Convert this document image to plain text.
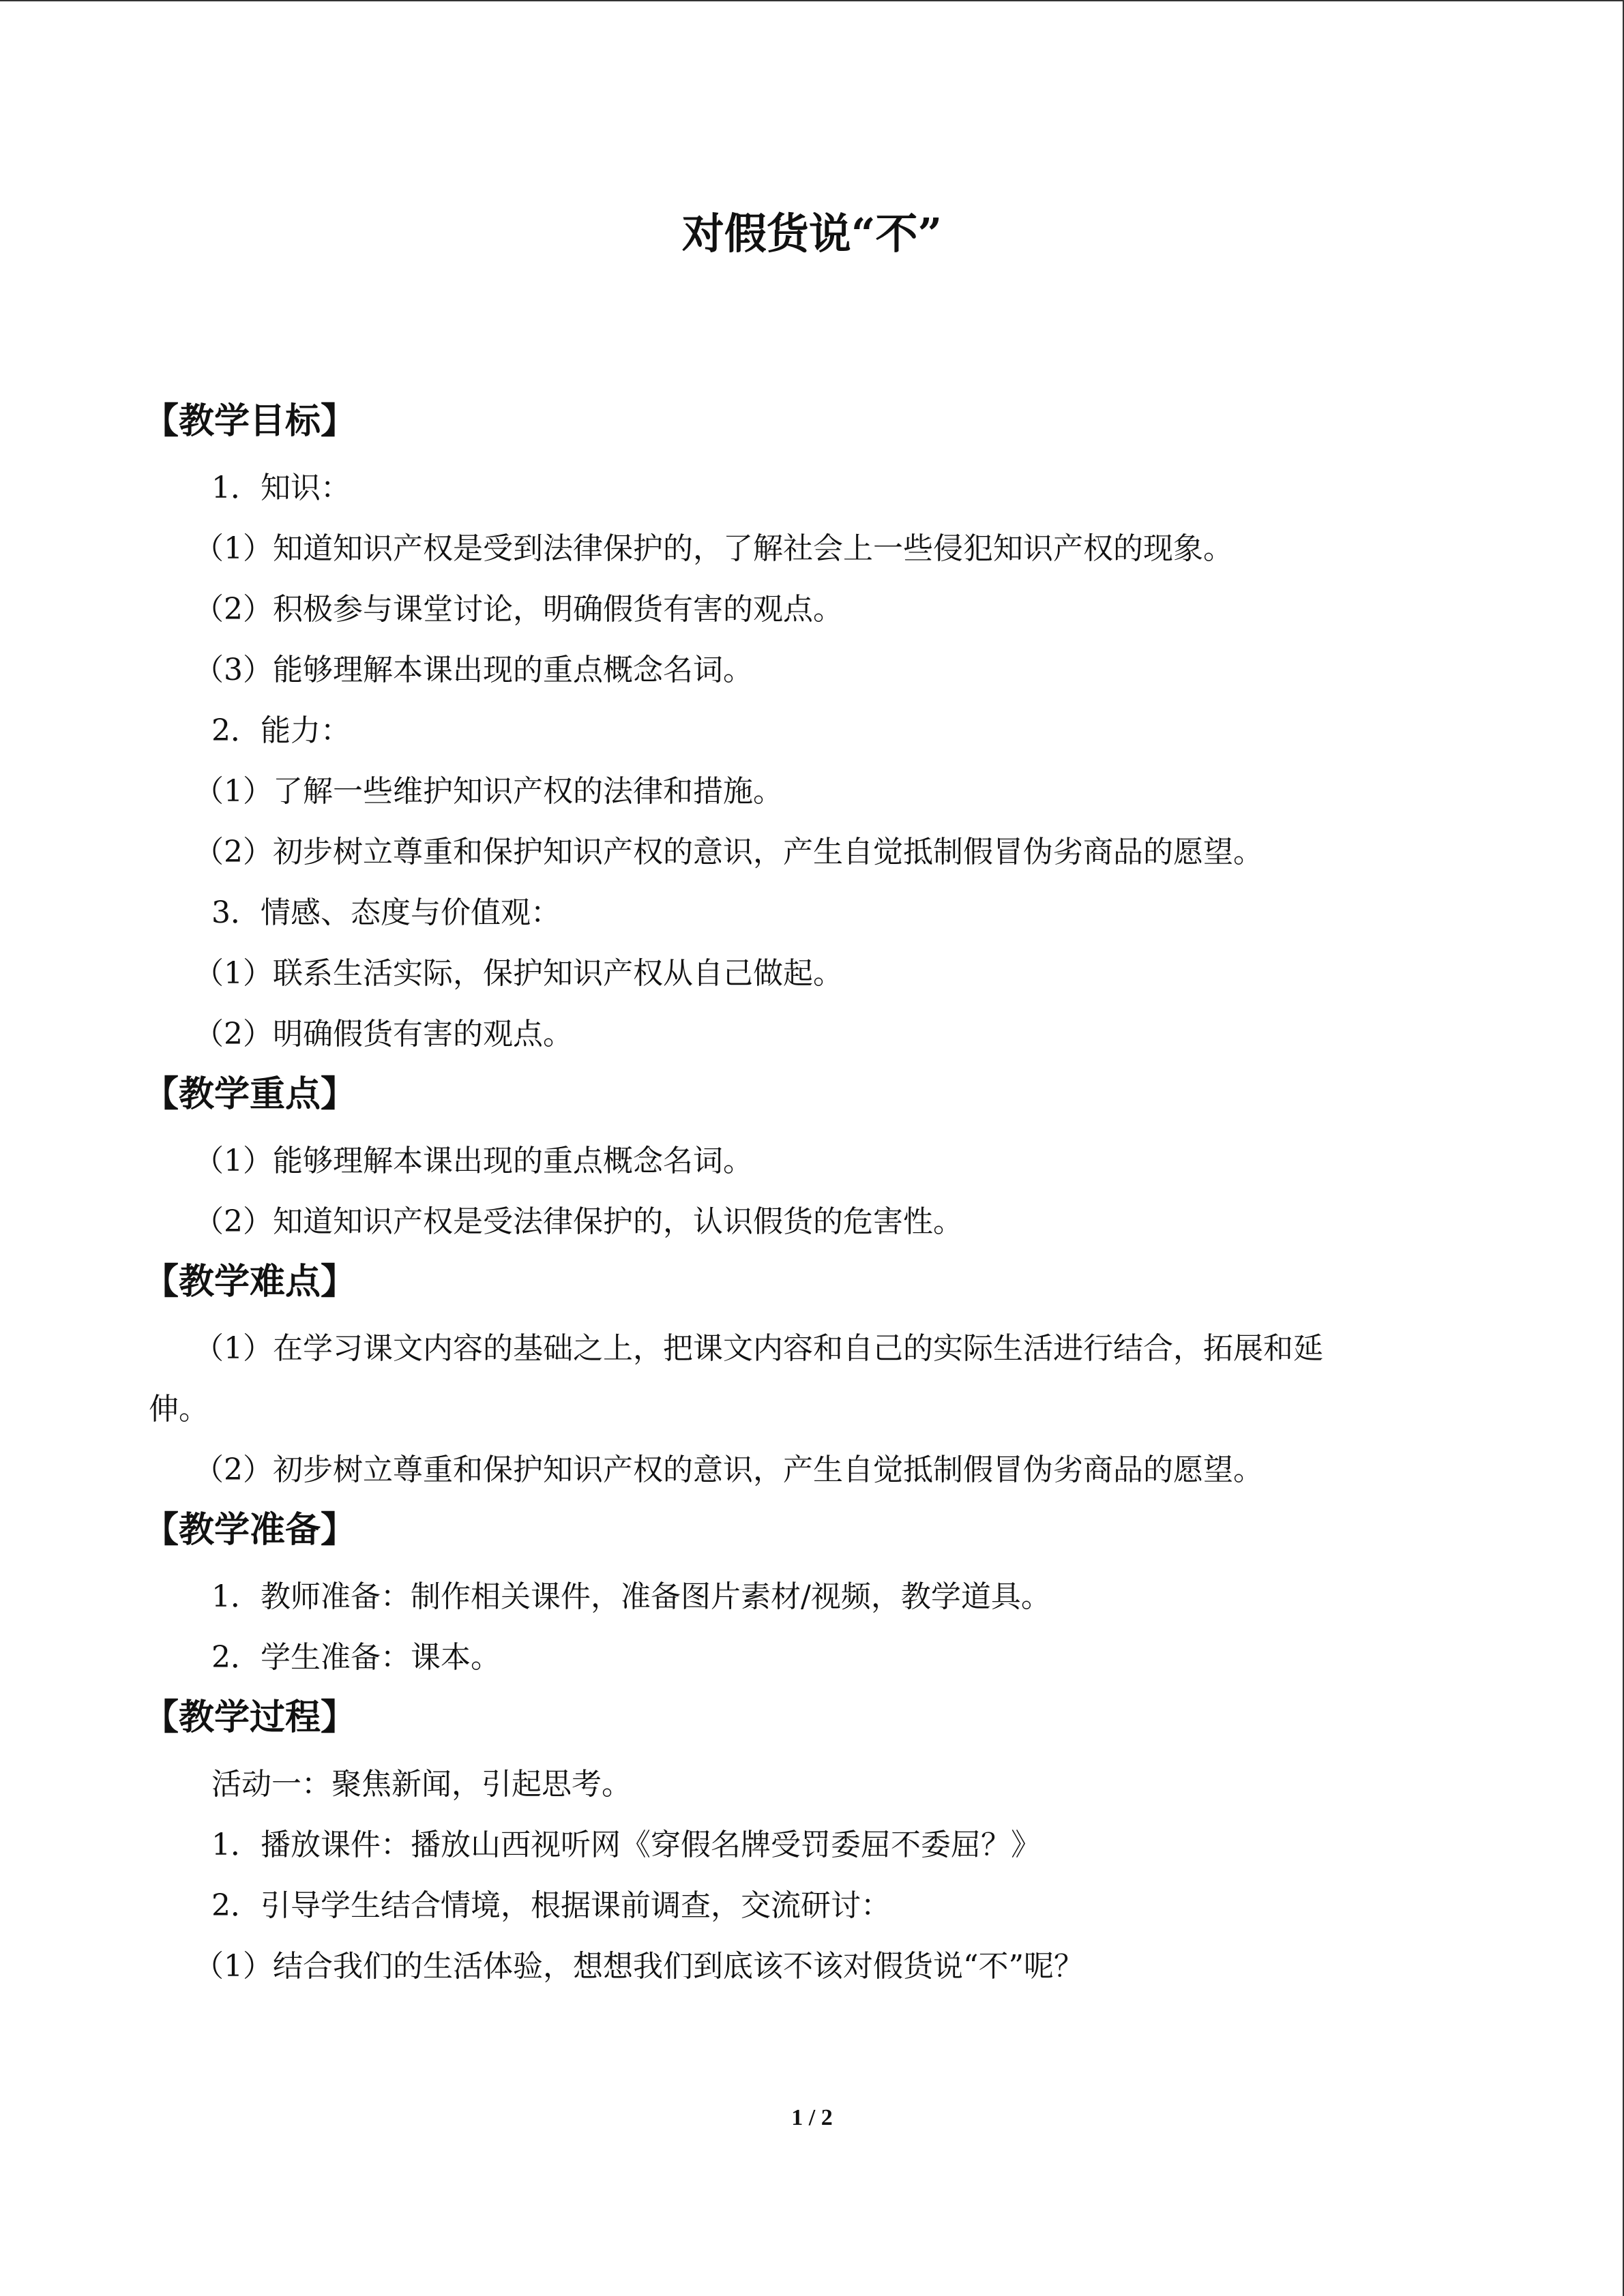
对假货说“不”
【教学目标】
1．知识：
（1）知道知识产权是受到法律保护的，了解社会上一些侵犯知识产权的现象。
（2）积极参与课堂讨论，明确假货有害的观点。
（3）能够理解本课出现的重点概念名词。
2．能力：
（1）了解一些维护知识产权的法律和措施。
（2）初步树立尊重和保护知识产权的意识，产生自觉抵制假冒伪劣商品的愿望。
3．情感、态度与价值观：
（1）联系生活实际，保护知识产权从自己做起。
（2）明确假货有害的观点。
【教学重点】
（1）能够理解本课出现的重点概念名词。
（2）知道知识产权是受法律保护的，认识假货的危害性。
【教学难点】
（1）在学习课文内容的基础之上，把课文内容和自己的实际生活进行结合，拓展和延
伸。
（2）初步树立尊重和保护知识产权的意识，产生自觉抵制假冒伪劣商品的愿望。
【教学准备】
1．教师准备：制作相关课件，准备图片素材/视频，教学道具。
2．学生准备：课本。
【教学过程】
活动一：聚焦新闻，引起思考。
1．播放课件：播放山西视听网《穿假名牌受罚委屈不委屈？》
2．引导学生结合情境，根据课前调查，交流研讨：
（1）结合我们的生活体验，想想我们到底该不该对假货说“不”呢？
1 / 2
